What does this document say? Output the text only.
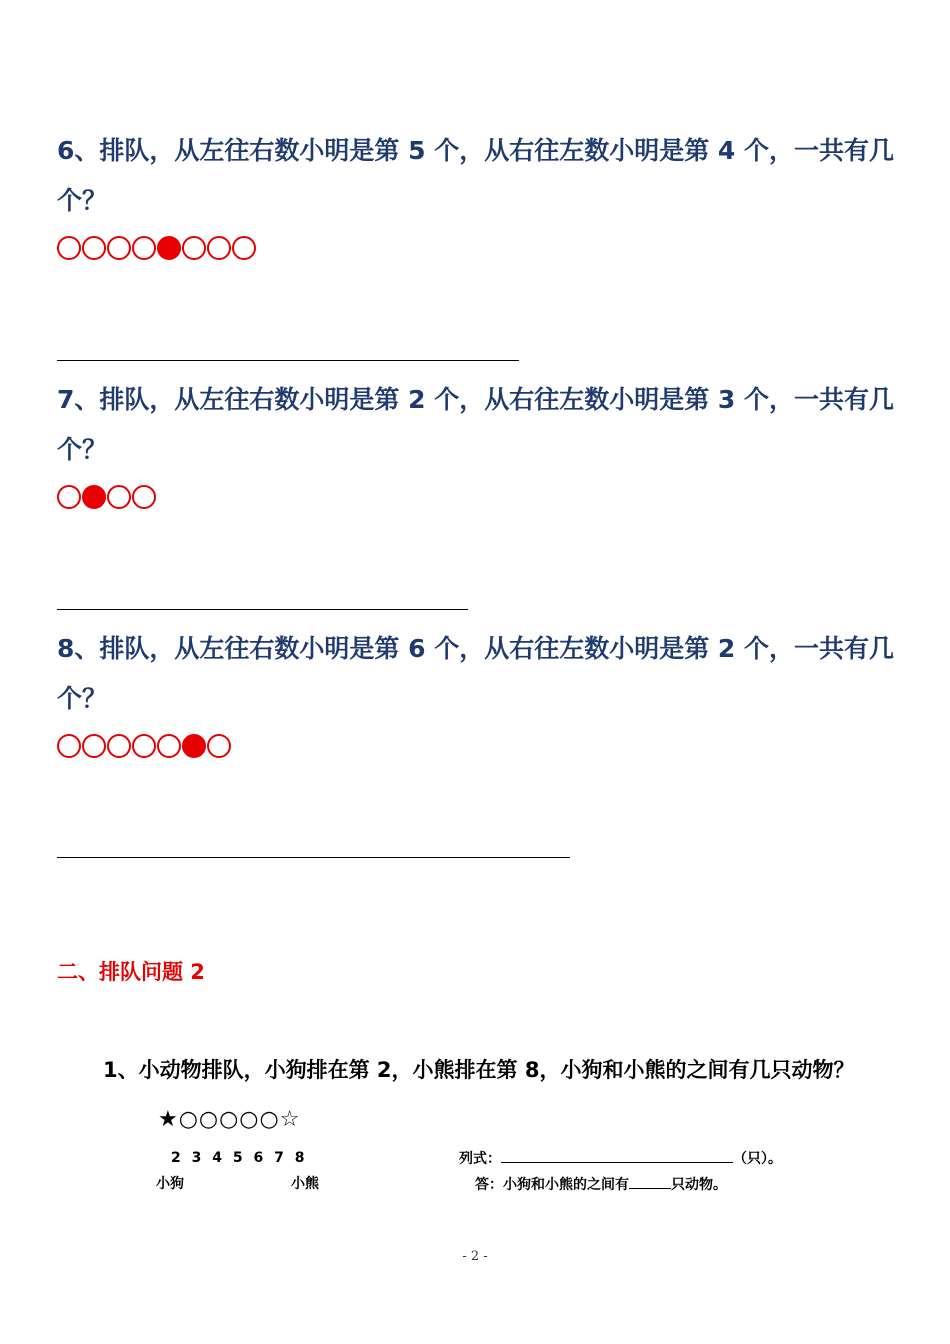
6、排队，从左往右数小明是第 5 个，从右往左数小明是第 4 个，一共有几
个？
7、排队，从左往右数小明是第 2 个，从右往左数小明是第 3 个，一共有几
个？
8、排队，从左往右数小明是第 6 个，从右往左数小明是第 2 个，一共有几
个？
二、排队问题 2
1、小动物排队，小狗排在第 2，小熊排在第 8，小狗和小熊的之间有几只动物？
★○○○○○☆
2 3 4 5 6 7 8
小狗	小熊
列式：	（只）。
答：小狗和小熊的之间有	只动物。
- 2 -
